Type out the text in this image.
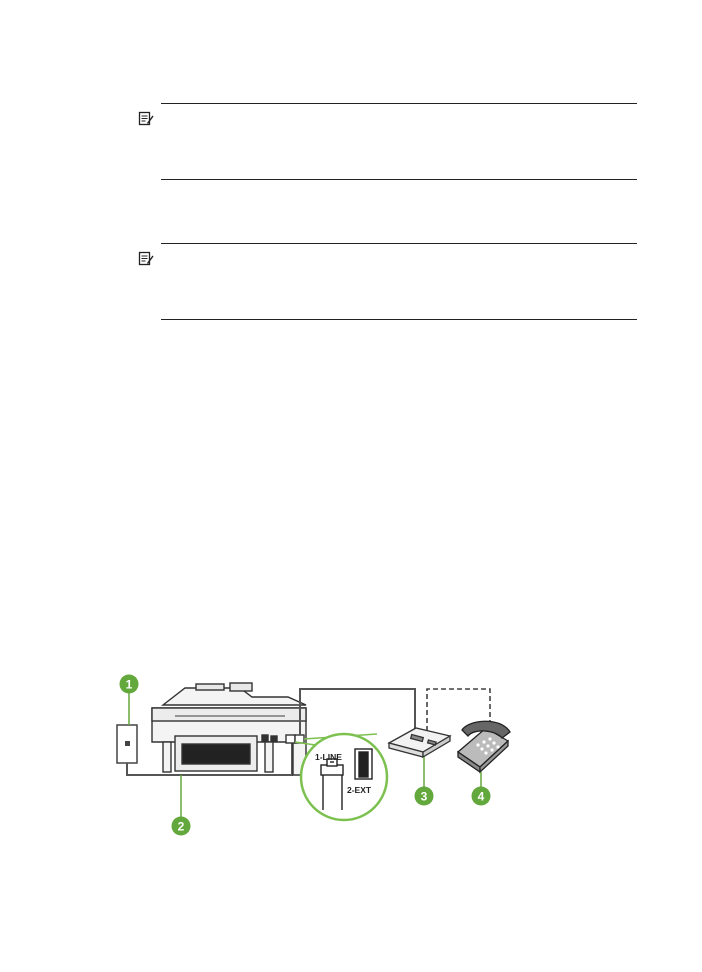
1-LINE
2-EXT
1
2
3	4
